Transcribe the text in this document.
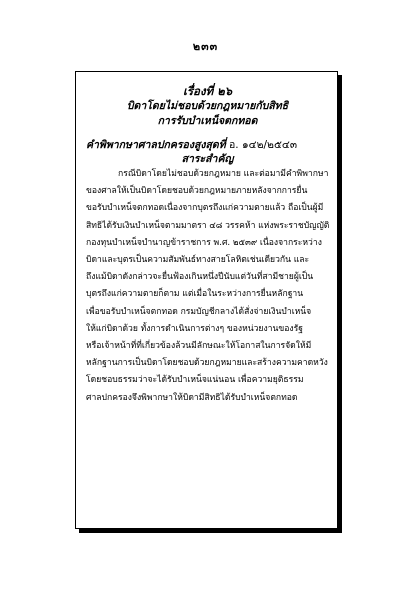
๒๓๓
เรื่องที่ ๒๖
บิดาโดยไม่ชอบด้วยกฎหมายกับสิทธิ
การรับบำเหน็จตกทอด
คำพิพากษาศาลปกครองสูงสุดที่ อ. ๑๔๒/๒๕๔๓
สาระสำคัญ
กรณีบิดาโดยไม่ชอบด้วยกฎหมาย และต่อมามีคำพิพากษา
ของศาลให้เป็นบิดาโดยชอบด้วยกฎหมายภายหลังจากการยื่น
ขอรับบำเหน็จตกทอดเนื่องจากบุตรถึงแก่ความตายแล้ว ถือเป็นผู้มี
สิทธิได้รับเงินบำเหน็จตามมาตรา ๔๘ วรรคห้า แห่งพระราชบัญญัติ
กองทุนบำเหน็จบำนาญข้าราชการ พ.ศ. ๒๕๓๙ เนื่องจากระหว่าง
บิดาและบุตรเป็นความสัมพันธ์ทางสายโลหิตเช่นเดียวกัน และ
ถึงแม้บิดาดังกล่าวจะยื่นฟ้องเกินหนึ่งปีนับแต่วันที่สามีชายผู้เป็น
บุตรถึงแก่ความตายก็ตาม แต่เมื่อในระหว่างการยื่นหลักฐาน
เพื่อขอรับบำเหน็จตกทอด กรมบัญชีกลางได้สั่งจ่ายเงินบำเหน็จ
ให้แก่บิดาด้วย ทั้งการดำเนินการต่างๆ ของหน่วยงานของรัฐ
หรือเจ้าหน้าที่ที่เกี่ยวข้องล้วนมีลักษณะให้โอกาสในการจัดให้มี
หลักฐานการเป็นบิดาโดยชอบด้วยกฎหมายและสร้างความคาดหวัง
โดยชอบธรรมว่าจะได้รับบำเหน็จแน่นอน เพื่อความยุติธรรม
ศาลปกครองจึงพิพากษาให้บิดามีสิทธิได้รับบำเหน็จตกทอด
